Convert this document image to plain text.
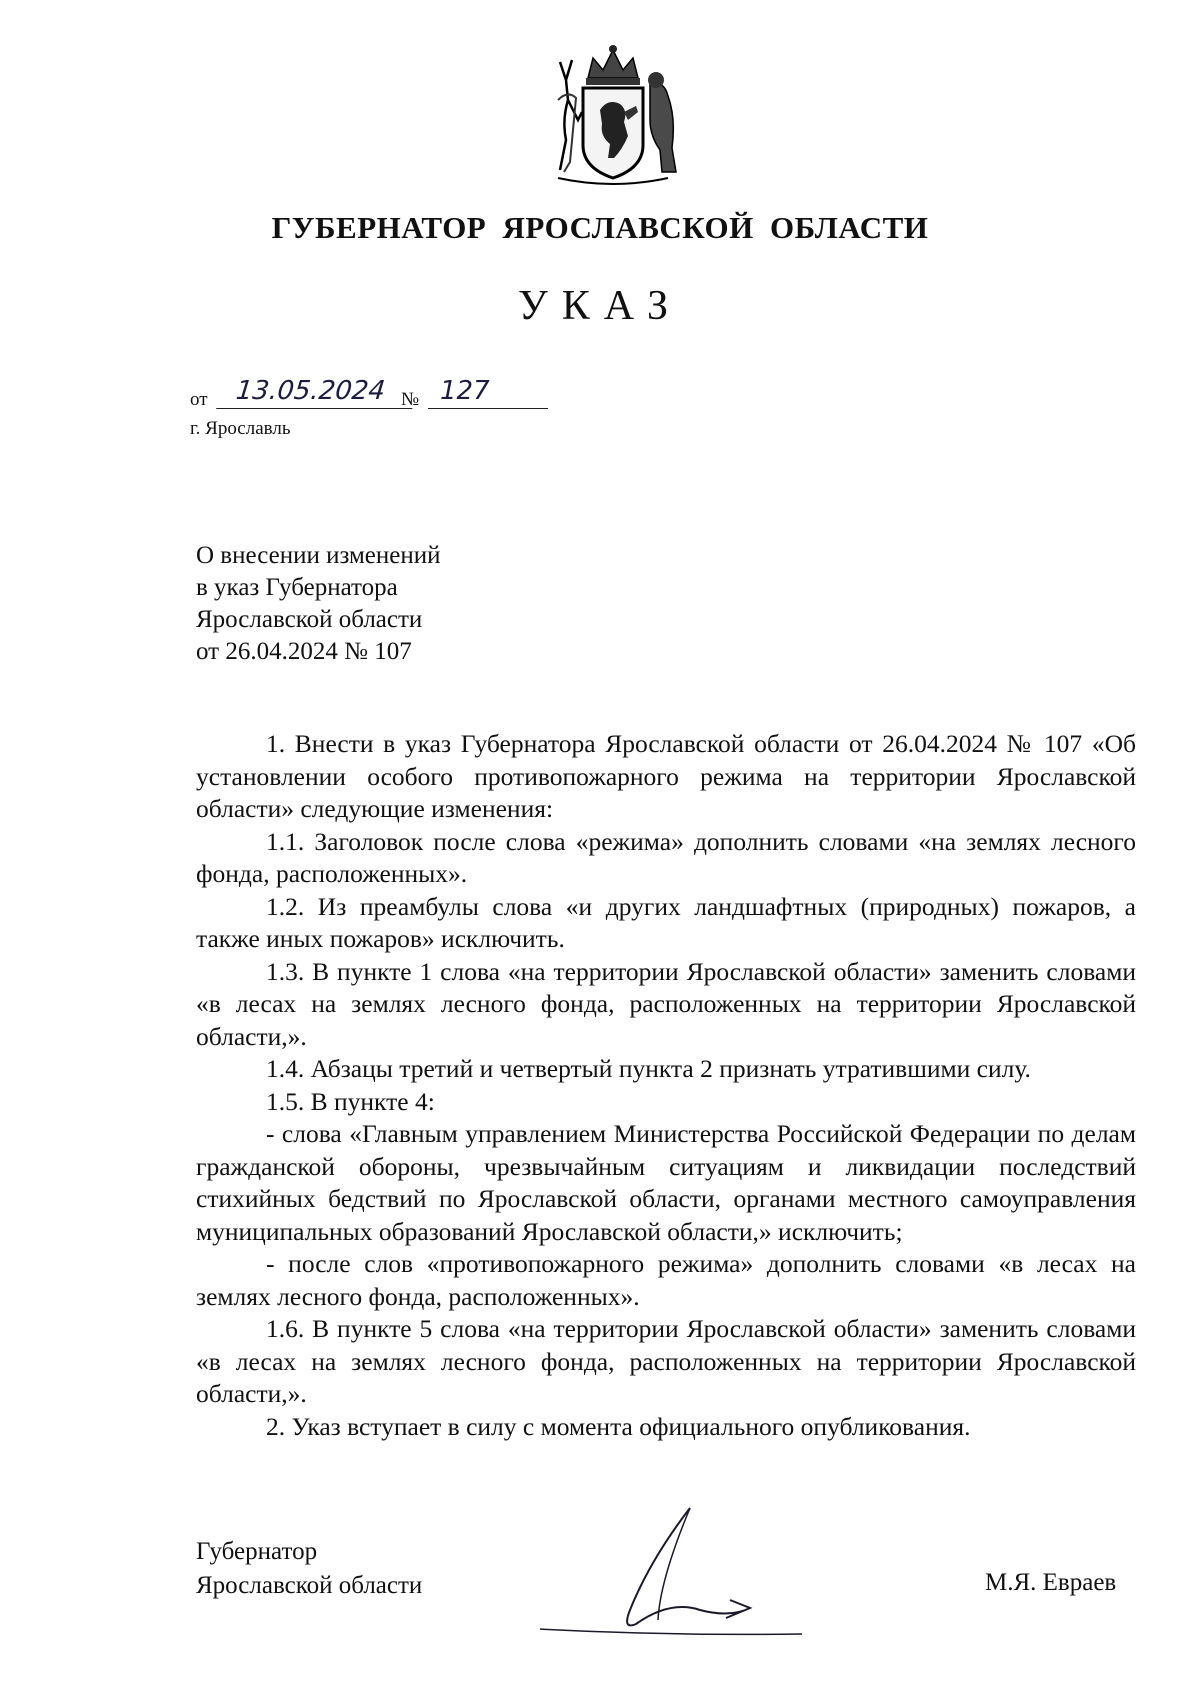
ГУБЕРНАТОР ЯРОСЛАВСКОЙ ОБЛАСТИ
УКАЗ
от	13.05.2024 № 127
г. Ярославль
О внесении изменений
в указ Губернатора
Ярославской области
от 26.04.2024 № 107

1. Внести в указ Губернатора Ярославской области от 26.04.2024 № 107 «Об установлении особого противопожарного режима на территории Ярославской области» следующие изменения:

1.1. Заголовок после слова «режима» дополнить словами «на землях лесного фонда, расположенных».

1.2. Из преамбулы слова «и других ландшафтных (природных) пожаров, а также иных пожаров» исключить.

1.3. В пункте 1 слова «на территории Ярославской области» заменить словами «в лесах на землях лесного фонда, расположенных на территории Ярославской области,».

1.4. Абзацы третий и четвертый пункта 2 признать утратившими силу.

1.5. В пункте 4:

- слова «Главным управлением Министерства Российской Федерации по делам гражданской обороны, чрезвычайным ситуациям и ликвидации последствий стихийных бедствий по Ярославской области, органами местного самоуправления муниципальных образований Ярославской области,» исключить;

- после слов «противопожарного режима» дополнить словами «в лесах на землях лесного фонда, расположенных».

1.6. В пункте 5 слова «на территории Ярославской области» заменить словами «в лесах на землях лесного фонда, расположенных на территории Ярославской области,».

2. Указ вступает в силу с момента официального опубликования.

Губернатор
Ярославской области	М.Я. Евраев
